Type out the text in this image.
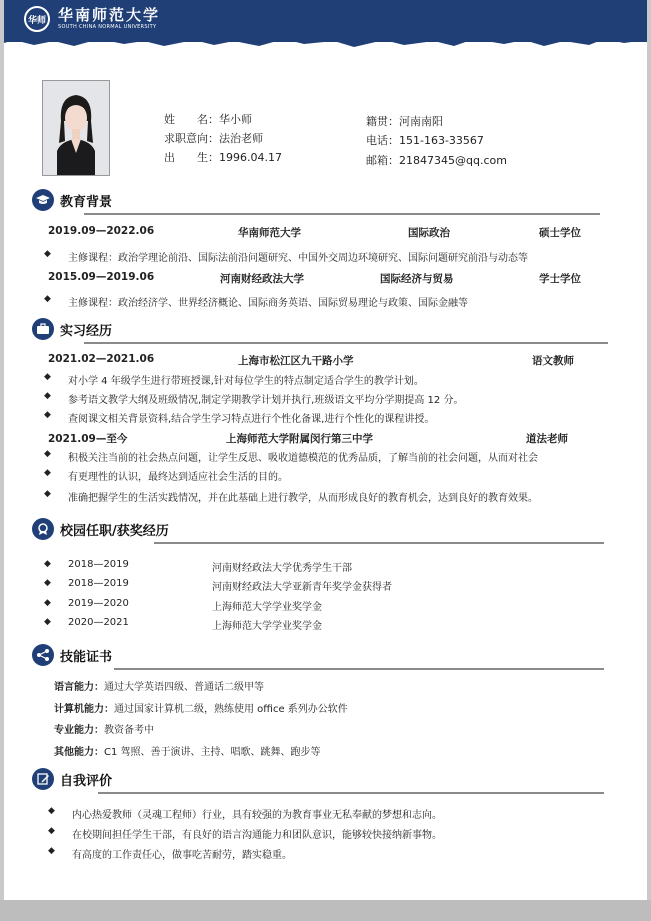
华师 华南师范大学
SOUTH CHINA NORMAL UNIVERSITY
姓　　名：华小师
求职意向：法治老师
出　　生：1996.04.17
籍贯：河南南阳
电话：151-163-33567
邮箱：21847345@qq.com
教育背景
2019.09—2022.06	华南师范大学	国际政治	硕士学位
◆ 主修课程：政治学理论前沿、国际法前沿问题研究、中国外交周边环境研究、国际问题研究前沿与动态等
2015.09—2019.06	河南财经政法大学	国际经济与贸易	学士学位
◆ 主修课程：政治经济学、世界经济概论、国际商务英语、国际贸易理论与政策、国际金融等
实习经历
2021.02—2021.06	上海市松江区九干路小学	语文教师
◆ 对小学 4 年级学生进行带班授课,针对每位学生的特点制定适合学生的教学计划。
◆ 参考语文教学大纲及班级情况,制定学期教学计划并执行,班级语文平均分学期提高 12 分。
◆ 查阅课文相关背景资料,结合学生学习特点进行个性化备课,进行个性化的课程讲授。
2021.09—至今	上海师范大学附属闵行第三中学	道法老师
◆ 积极关注当前的社会热点问题，让学生反思、吸收道德模范的优秀品质，了解当前的社会问题，从而对社会
◆ 有更理性的认识，最终达到适应社会生活的目的。
◆ 准确把握学生的生活实践情况，并在此基础上进行教学，从而形成良好的教育机会，达到良好的教育效果。
校园任职/获奖经历
◆ 2018—2019	河南财经政法大学优秀学生干部
◆ 2018—2019	河南财经政法大学亚新青年奖学金获得者
◆ 2019—2020	上海师范大学学业奖学金
◆ 2020—2021	上海师范大学学业奖学金
技能证书
语言能力：通过大学英语四级、普通话二级甲等
计算机能力：通过国家计算机二级，熟练使用 office 系列办公软件
专业能力：教资备考中
其他能力：C1 驾照、善于演讲、主持、唱歌、跳舞、跑步等
自我评价
◆ 内心热爱教师（灵魂工程师）行业，具有较强的为教育事业无私奉献的梦想和志向。
◆ 在校期间担任学生干部，有良好的语言沟通能力和团队意识，能够较快接纳新事物。
◆ 有高度的工作责任心，做事吃苦耐劳，踏实稳重。
